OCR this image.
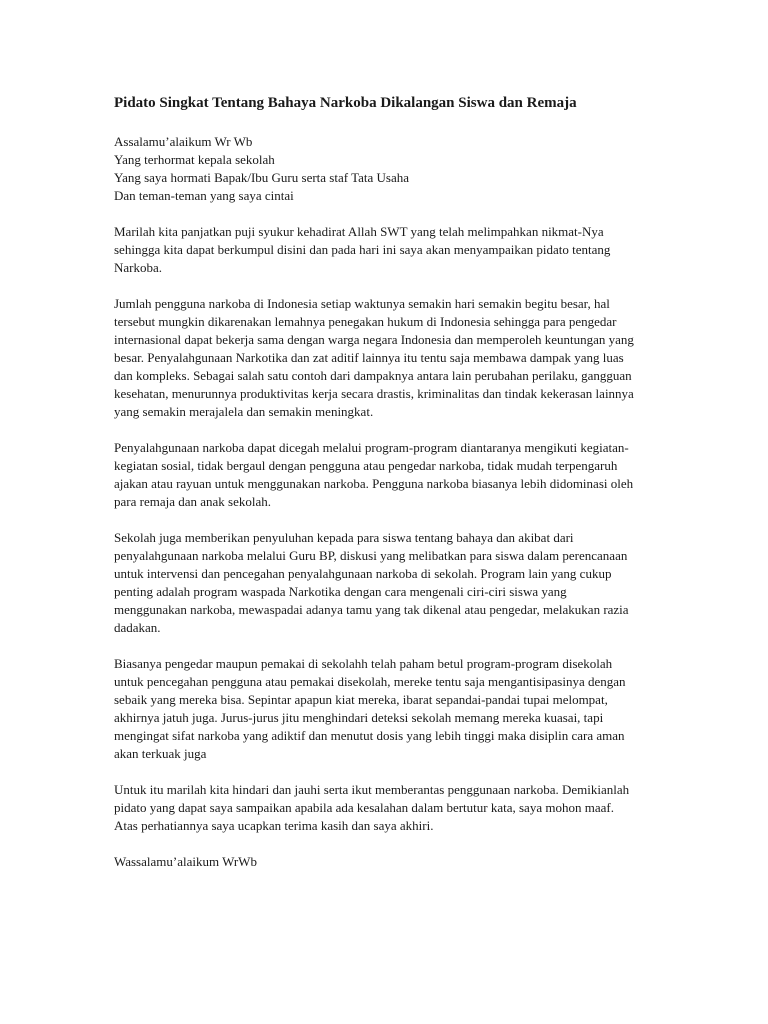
Pidato Singkat Tentang Bahaya Narkoba Dikalangan Siswa dan Remaja

Assalamu’alaikum Wr Wb

Yang terhormat kepala sekolah

Yang saya hormati Bapak/Ibu Guru serta staf Tata Usaha

Dan teman-teman yang saya cintai

Marilah kita panjatkan puji syukur kehadirat Allah SWT yang telah melimpahkan nikmat-Nya sehingga kita dapat berkumpul disini dan pada hari ini saya akan menyampaikan pidato tentang Narkoba.

Jumlah pengguna narkoba di Indonesia setiap waktunya semakin hari semakin begitu besar, hal tersebut mungkin dikarenakan lemahnya penegakan hukum di Indonesia sehingga para pengedar internasional dapat bekerja sama dengan warga negara Indonesia dan memperoleh keuntungan yang besar. Penyalahgunaan Narkotika dan zat aditif lainnya itu tentu saja membawa dampak yang luas dan kompleks. Sebagai salah satu contoh dari dampaknya antara lain perubahan perilaku, gangguan kesehatan, menurunnya produktivitas kerja secara drastis, kriminalitas dan tindak kekerasan lainnya yang semakin merajalela dan semakin meningkat.

Penyalahgunaan narkoba dapat dicegah melalui program-program diantaranya mengikuti kegiatan-kegiatan sosial, tidak bergaul dengan pengguna atau pengedar narkoba, tidak mudah terpengaruh ajakan atau rayuan untuk menggunakan narkoba. Pengguna narkoba biasanya lebih didominasi oleh para remaja dan anak sekolah.

Sekolah juga memberikan penyuluhan kepada para siswa tentang bahaya dan akibat dari penyalahgunaan narkoba melalui Guru BP, diskusi yang melibatkan para siswa dalam perencanaan untuk intervensi dan pencegahan penyalahgunaan narkoba di sekolah. Program lain yang cukup penting adalah program waspada Narkotika dengan cara mengenali ciri-ciri siswa yang menggunakan narkoba, mewaspadai adanya tamu yang tak dikenal atau pengedar, melakukan razia dadakan.

Biasanya pengedar maupun pemakai di sekolahh telah paham betul program-program disekolah untuk pencegahan pengguna atau pemakai disekolah, mereke tentu saja mengantisipasinya dengan sebaik yang mereka bisa. Sepintar apapun kiat mereka, ibarat sepandai-pandai tupai melompat, akhirnya jatuh juga. Jurus-jurus jitu menghindari deteksi sekolah memang mereka kuasai, tapi mengingat sifat narkoba yang adiktif dan menutut dosis yang lebih tinggi maka disiplin cara aman akan terkuak juga

Untuk itu marilah kita hindari dan jauhi serta ikut memberantas penggunaan narkoba. Demikianlah pidato yang dapat saya sampaikan apabila ada kesalahan dalam bertutur kata, saya mohon maaf. Atas perhatiannya saya ucapkan terima kasih dan saya akhiri.

Wassalamu’alaikum WrWb
